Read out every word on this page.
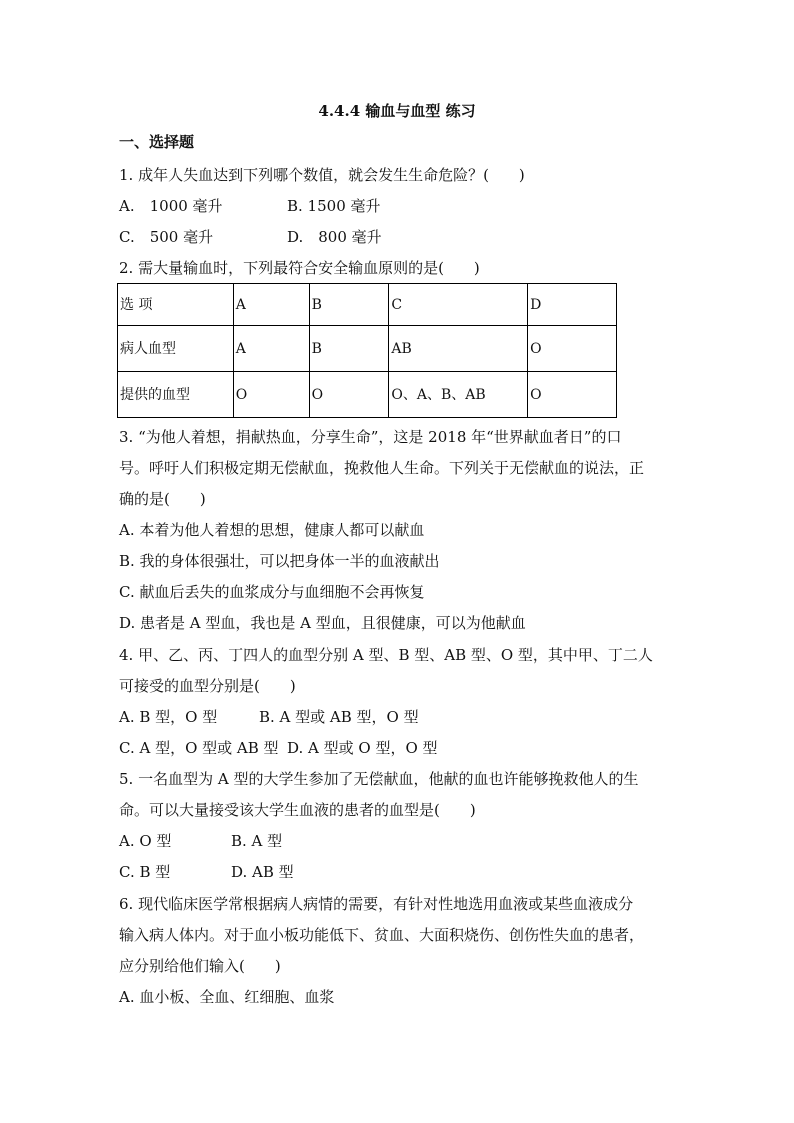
4.4.4 输血与血型 练习
一、选择题
1. 成年人失血达到下列哪个数值，就会发生生命危险？(　　)
A.　1000 毫升	B. 1500 毫升
C.　500 毫升	D.　800 毫升
2. 需大量输血时，下列最符合安全输血原则的是(　　)
选 项	A	B	C	D
病人血型	A	B	AB	O
提供的血型	O	O	O、A、B、AB	O
3. “为他人着想，捐献热血，分享生命”，这是 2018 年“世界献血者日”的口
号。呼吁人们积极定期无偿献血，挽救他人生命。下列关于无偿献血的说法，正
确的是(　　)
A. 本着为他人着想的思想，健康人都可以献血
B. 我的身体很强壮，可以把身体一半的血液献出
C. 献血后丢失的血浆成分与血细胞不会再恢复
D. 患者是 A 型血，我也是 A 型血，且很健康，可以为他献血
4. 甲、乙、丙、丁四人的血型分别 A 型、B 型、AB 型、O 型，其中甲、丁二人
可接受的血型分别是(　　)
A. B 型，O 型	B. A 型或 AB 型，O 型
C. A 型，O 型或 AB 型 D. A 型或 O 型，O 型
5. 一名血型为 A 型的大学生参加了无偿献血，他献的血也许能够挽救他人的生
命。可以大量接受该大学生血液的患者的血型是(　　)
A. O 型	B. A 型
C. B 型	D. AB 型
6. 现代临床医学常根据病人病情的需要，有针对性地选用血液或某些血液成分
输入病人体内。对于血小板功能低下、贫血、大面积烧伤、创伤性失血的患者，
应分别给他们输入(　　)
A. 血小板、全血、红细胞、血浆
